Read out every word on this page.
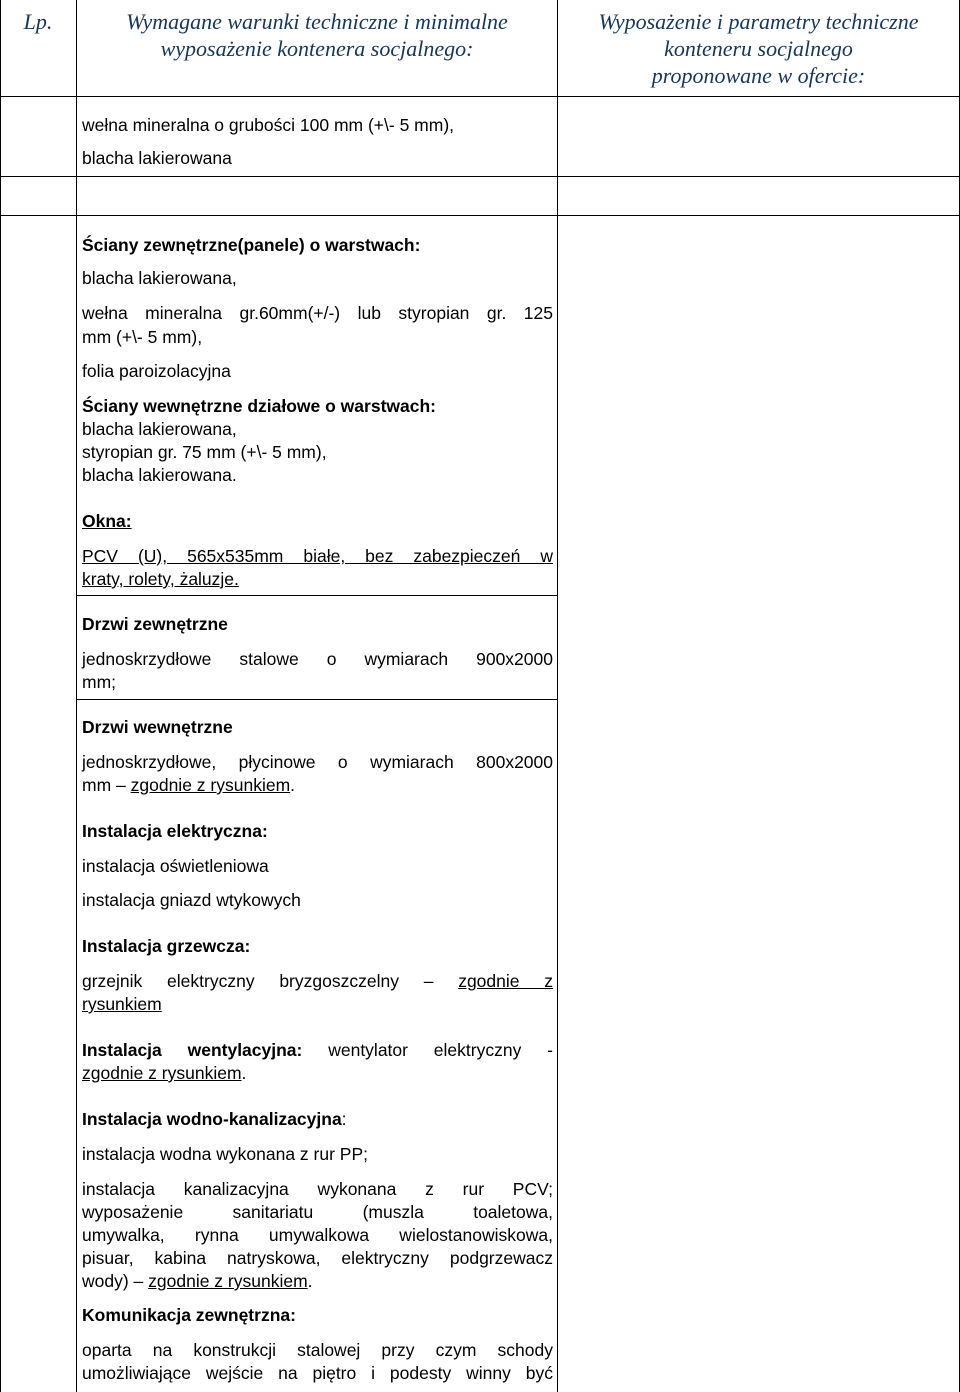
Lp.	Wymagane warunki techniczne i minimalne
wyposażenie kontenera socjalnego:
Wyposażenie i parametry techniczne
konteneru socjalnego
proponowane w ofercie:
wełna mineralna o grubości 100 mm (+\- 5 mm),
blacha lakierowana
Ściany zewnętrzne(panele) o warstwach:
blacha lakierowana,
wełna mineralna gr.60mm(+/-) lub styropian gr. 125
mm (+\- 5 mm),
folia paroizolacyjna
Ściany wewnętrzne działowe o warstwach:
blacha lakierowana,
styropian gr. 75 mm (+\- 5 mm),
blacha lakierowana.
Okna:
PCV (U), 565x535mm białe, bez zabezpieczeń w
kraty, rolety, żaluzje.
Drzwi zewnętrzne
jednoskrzydłowe stalowe o wymiarach 900x2000
mm;
Drzwi wewnętrzne
jednoskrzydłowe, płycinowe o wymiarach 800x2000
mm – zgodnie z rysunkiem.
Instalacja elektryczna:
instalacja oświetleniowa
instalacja gniazd wtykowych
Instalacja grzewcza:
grzejnik elektryczny bryzgoszczelny – zgodnie z
rysunkiem
Instalacja wentylacyjna: wentylator elektryczny -
zgodnie z rysunkiem.
Instalacja wodno-kanalizacyjna:
instalacja wodna wykonana z rur PP;
instalacja kanalizacyjna wykonana z rur PCV;
wyposażenie sanitariatu (muszla toaletowa,
umywalka, rynna umywalkowa wielostanowiskowa,
pisuar, kabina natryskowa, elektryczny podgrzewacz
wody) – zgodnie z rysunkiem.
Komunikacja zewnętrzna:
oparta na konstrukcji stalowej przy czym schody
umożliwiające wejście na piętro i podesty winny być
